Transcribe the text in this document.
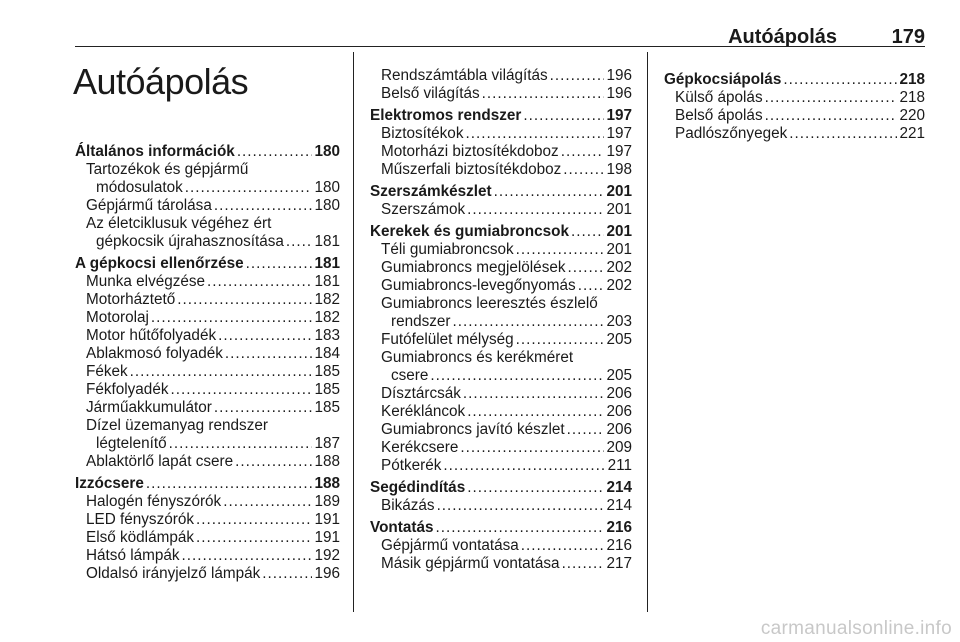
Autóápolás	179
Autóápolás
Általános információk .....	180
Tartozékok és gépjármű
módosulatok .....	180
Gépjármű tárolása .....	180
Az életciklusuk végéhez ért
gépkocsik újrahasznosítása ..... 181
A gépkocsi ellenőrzése .....	181
Munka elvégzése .....	181
Motorháztető .....	182
Motorolaj .....	182
Motor hűtőfolyadék .....	183
Ablakmosó folyadék .....	184
Fékek .....	185
Fékfolyadék .....	185
Járműakkumulátor .....	185
Dízel üzemanyag rendszer
légtelenítő .....	187
Ablaktörlő lapát csere .....	188
Izzócsere .....	188
Halogén fényszórók .....	189
LED fényszórók .....	191
Első ködlámpák .....	191
Hátsó lámpák .....	192
Oldalsó irányjelző lámpák .....	196
Rendszámtábla világítás .....	196
Belső világítás .....	196
Elektromos rendszer .....	197
Biztosítékok .....	197
Motorházi biztosítékdoboz .....	197
Műszerfali biztosítékdoboz .....	198
Szerszámkészlet .....	201
Szerszámok .....	201
Kerekek és gumiabroncsok ..... 201
Téli gumiabroncsok .....	201
Gumiabroncs megjelölések .....	202
Gumiabroncs-levegőnyomás ..... 202
Gumiabroncs leeresztés észlelő
rendszer .....	203
Futófelület mélység .....	205
Gumiabroncs és kerékméret
csere .....	205
Dísztárcsák .....	206
Kerékláncok .....	206
Gumiabroncs javító készlet .....	206
Kerékcsere .....	209
Pótkerék .....	211
Segédindítás .....	214
Bikázás .....	214
Vontatás .....	216
Gépjármű vontatása .....	216
Másik gépjármű vontatása .....	217
Gépkocsiápolás .....	218
Külső ápolás .....	218
Belső ápolás .....	220
Padlószőnyegek .....	221
carmanualsonline.info
